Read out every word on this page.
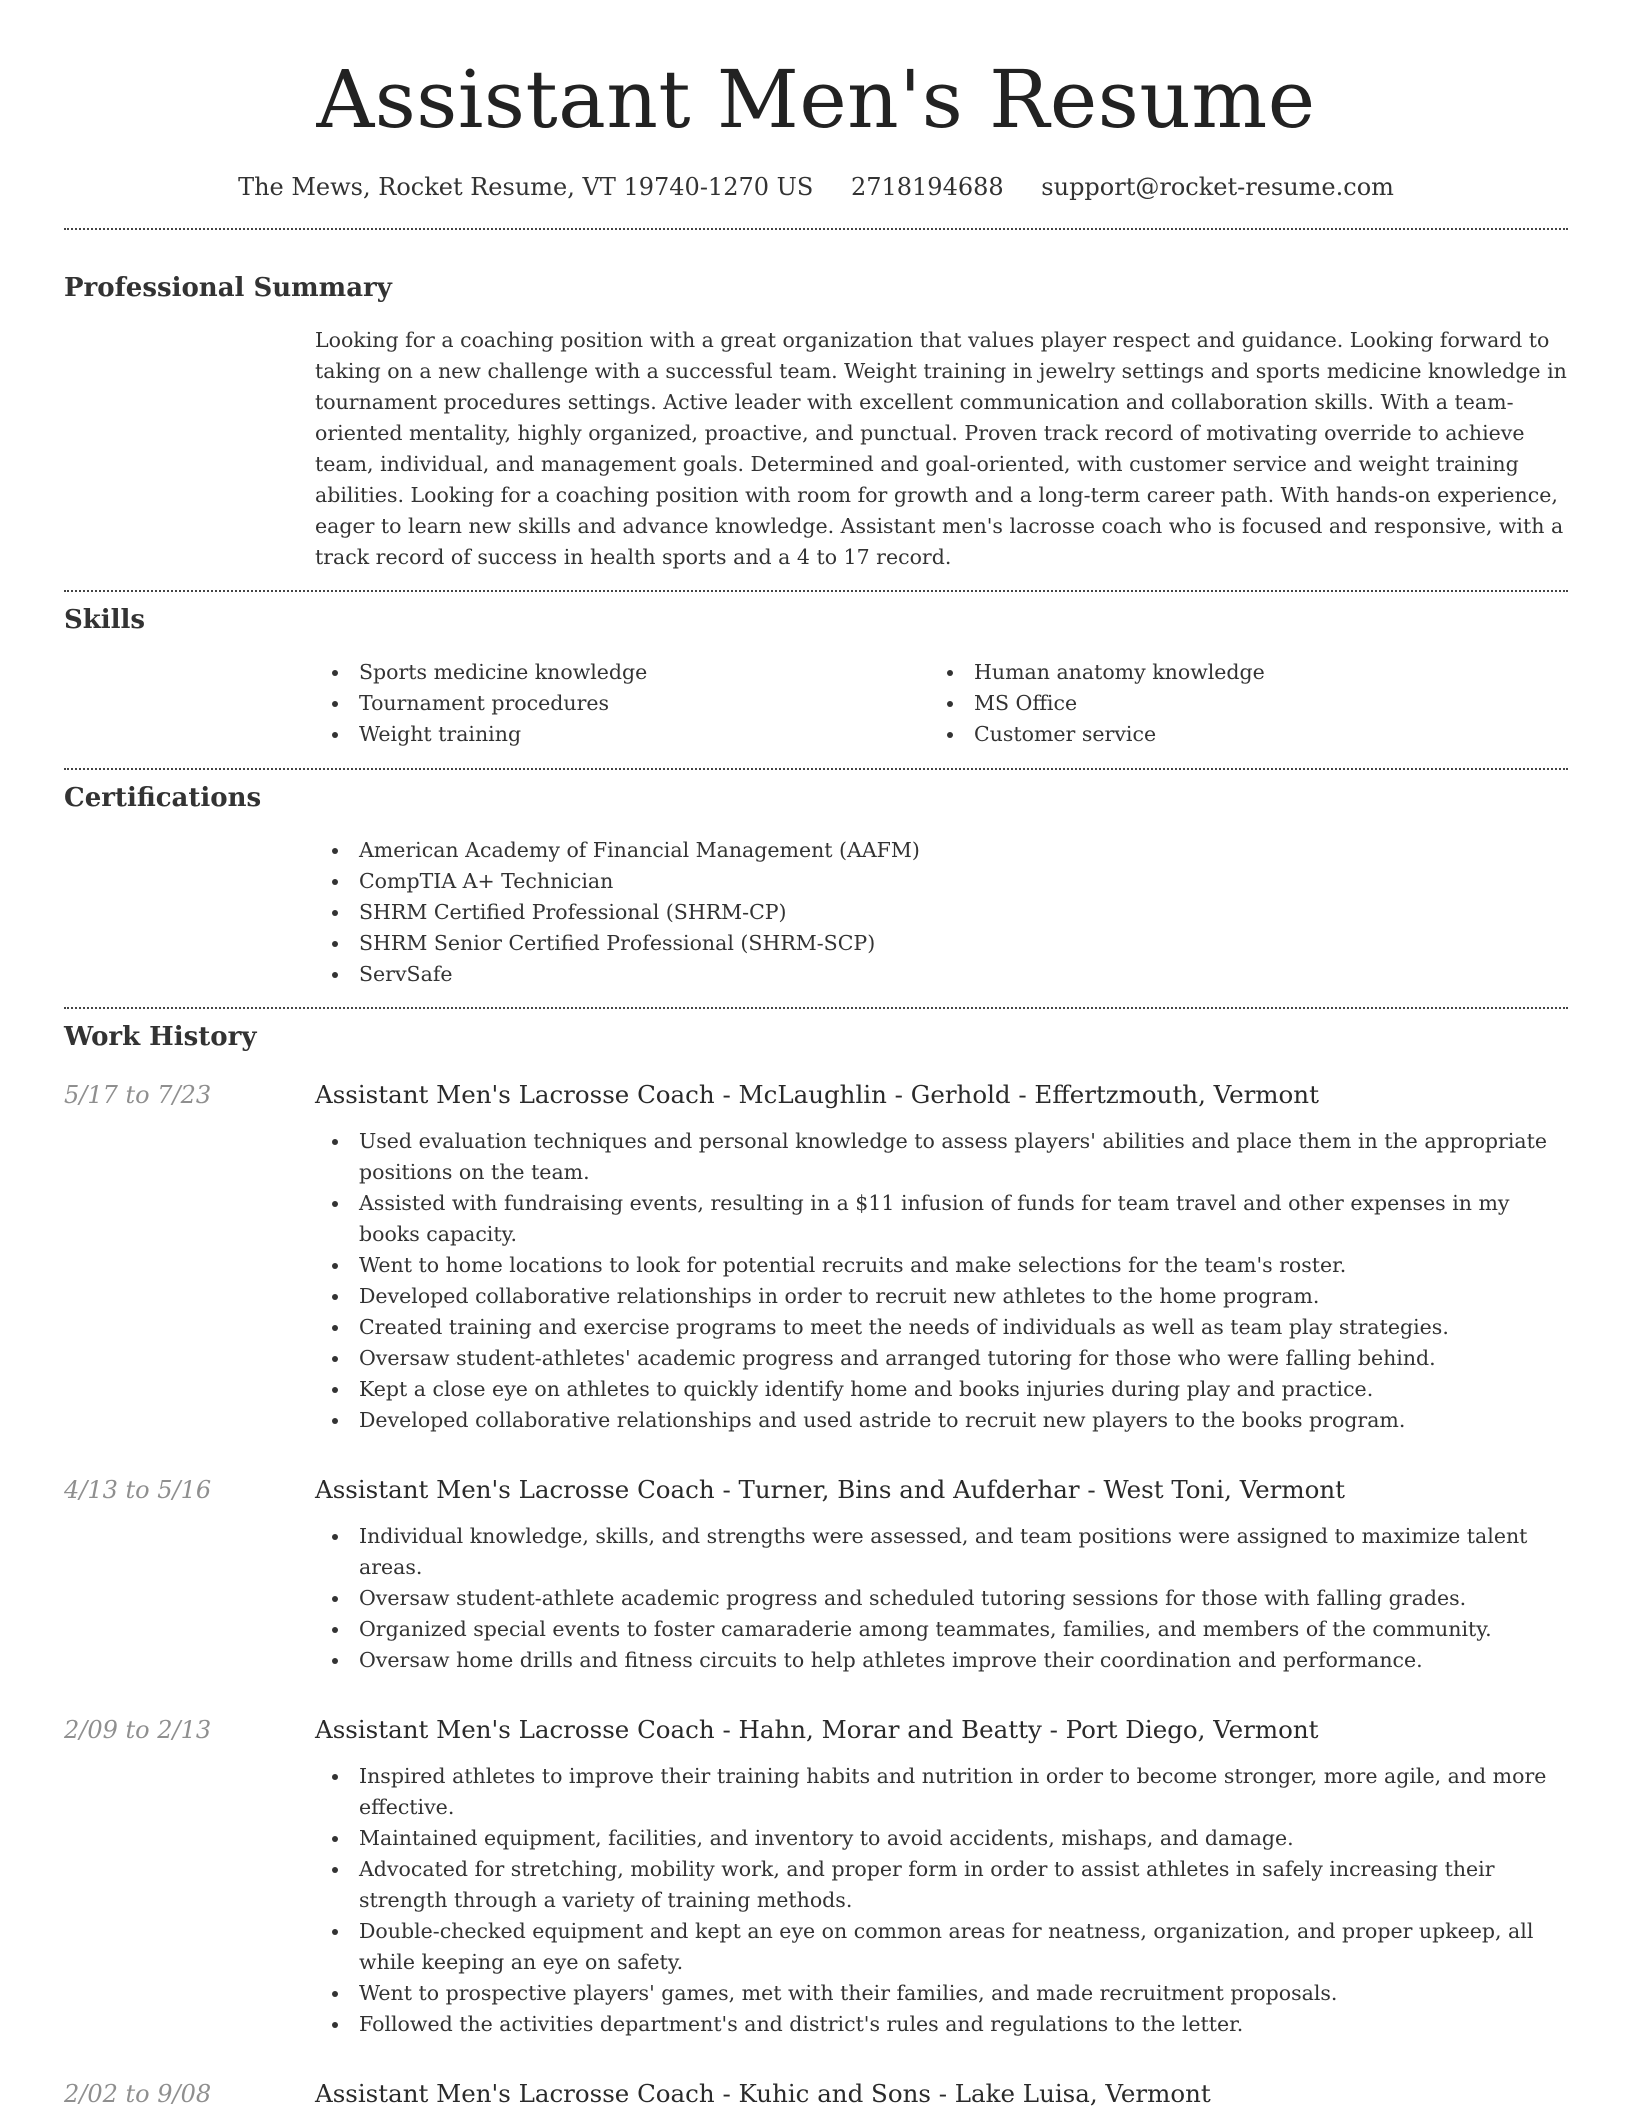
Assistant Men's Resume
The Mews, Rocket Resume, VT 19740-1270 US 2718194688 support@rocket-resume.com
Professional Summary

Looking for a coaching position with a great organization that values player respect and guidance. Looking forward to taking on a new challenge with a successful team. Weight training in jewelry settings and sports medicine knowledge in tournament procedures settings. Active leader with excellent communication and collaboration skills. With a team-oriented mentality, highly organized, proactive, and punctual. Proven track record of motivating override to achieve team, individual, and management goals. Determined and goal-oriented, with customer service and weight training abilities. Looking for a coaching position with room for growth and a long-term career path. With hands-on experience, eager to learn new skills and advance knowledge. Assistant men's lacrosse coach who is focused and responsive, with a track record of success in health sports and a 4 to 17 record.

Skills
Sports medicine knowledge
Tournament procedures
Weight training
Human anatomy knowledge
MS Office
Customer service
Certifications
American Academy of Financial Management (AAFM)
CompTIA A+ Technician
SHRM Certified Professional (SHRM-CP)
SHRM Senior Certified Professional (SHRM-SCP)
ServSafe
Work History
5/17 to 7/23	Assistant Men's Lacrosse Coach - McLaughlin - Gerhold - Effertzmouth, Vermont
Used evaluation techniques and personal knowledge to assess players' abilities and place them in the appropriate positions on the team.
Assisted with fundraising events, resulting in a $11 infusion of funds for team travel and other expenses in my books capacity.
Went to home locations to look for potential recruits and make selections for the team's roster.
Developed collaborative relationships in order to recruit new athletes to the home program.
Created training and exercise programs to meet the needs of individuals as well as team play strategies.
Oversaw student-athletes' academic progress and arranged tutoring for those who were falling behind.
Kept a close eye on athletes to quickly identify home and books injuries during play and practice.
Developed collaborative relationships and used astride to recruit new players to the books program.
4/13 to 5/16	Assistant Men's Lacrosse Coach - Turner, Bins and Aufderhar - West Toni, Vermont
Individual knowledge, skills, and strengths were assessed, and team positions were assigned to maximize talent areas.
Oversaw student-athlete academic progress and scheduled tutoring sessions for those with falling grades.
Organized special events to foster camaraderie among teammates, families, and members of the community.
Oversaw home drills and fitness circuits to help athletes improve their coordination and performance.
2/09 to 2/13	Assistant Men's Lacrosse Coach - Hahn, Morar and Beatty - Port Diego, Vermont
Inspired athletes to improve their training habits and nutrition in order to become stronger, more agile, and more effective.
Maintained equipment, facilities, and inventory to avoid accidents, mishaps, and damage.
Advocated for stretching, mobility work, and proper form in order to assist athletes in safely increasing their strength through a variety of training methods.
Double-checked equipment and kept an eye on common areas for neatness, organization, and proper upkeep, all while keeping an eye on safety.
Went to prospective players' games, met with their families, and made recruitment proposals.
Followed the activities department's and district's rules and regulations to the letter.
2/02 to 9/08	Assistant Men's Lacrosse Coach - Kuhic and Sons - Lake Luisa, Vermont
